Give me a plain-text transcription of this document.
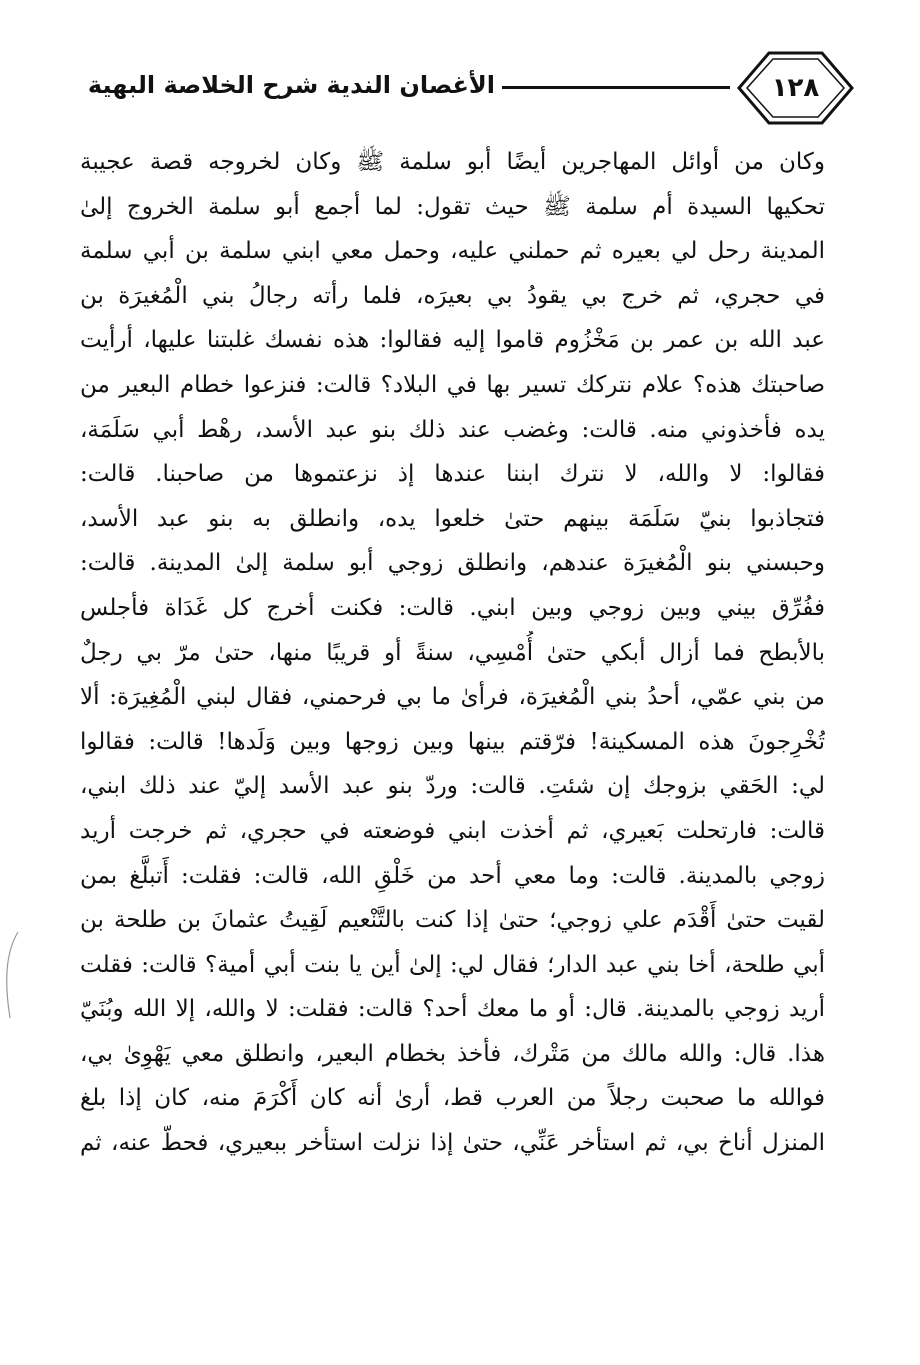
الأغصان الندية شرح الخلاصة البهية	١٢٨
وكان من أوائل المهاجرين أيضًا أبو سلمة ﷺ وكان لخروجه قصة عجيبة
تحكيها السيدة أم سلمة ﷺ حيث تقول: لما أجمع أبو سلمة الخروج إلىٰ
المدينة رحل لي بعيره ثم حملني عليه، وحمل معي ابني سلمة بن أبي سلمة
في حجري، ثم خرج بي يقودُ بي بعيرَه، فلما رأته رجالُ بني الْمُغيرَة بن
عبد الله بن عمر بن مَخْزُوم قاموا إليه فقالوا: هذه نفسك غلبتنا عليها، أرأيت
صاحبتك هذه؟ علام نتركك تسير بها في البلاد؟ قالت: فنزعوا خطام البعير من
يده فأخذوني منه. قالت: وغضب عند ذلك بنو عبد الأسد، رهْط أبي سَلَمَة،
فقالوا: لا والله، لا نترك ابننا عندها إذ نزعتموها من صاحبنا. قالت:
فتجاذبوا بنيّ سَلَمَة بينهم حتىٰ خلعوا يده، وانطلق به بنو عبد الأسد،
وحبسني بنو الْمُغيرَة عندهم، وانطلق زوجي أبو سلمة إلىٰ المدينة. قالت:
ففُرِّق بيني وبين زوجي وبين ابني. قالت: فكنت أخرج كل غَدَاة فأجلس
بالأبطح فما أزال أبكي حتىٰ أُمْسِي، سنةً أو قريبًا منها، حتىٰ مرّ بي رجلٌ
من بني عمّي، أحدُ بني الْمُغيرَة، فرأىٰ ما بي فرحمني، فقال لبني الْمُغِيرَة: ألا
تُخْرِجونَ هذه المسكينة! فرّقتم بينها وبين زوجها وبين وَلَدها! قالت: فقالوا
لي: الحَقي بزوجك إن شئتِ. قالت: وردّ بنو عبد الأسد إليّ عند ذلك ابني،
قالت: فارتحلت بَعيري، ثم أخذت ابني فوضعته في حجري، ثم خرجت أريد
زوجي بالمدينة. قالت: وما معي أحد من خَلْقِ الله، قالت: فقلت: أَتبلَّغ بمن
لقيت حتىٰ أَقْدَم علي زوجي؛ حتىٰ إذا كنت بالتَّنْعيم لَقِيتُ عثمانَ بن طلحة بن
أبي طلحة، أخا بني عبد الدار؛ فقال لي: إلىٰ أين يا بنت أبي أمية؟ قالت: فقلت
أريد زوجي بالمدينة. قال: أو ما معك أحد؟ قالت: فقلت: لا والله، إلا الله وبُنَيّ
هذا. قال: والله مالك من مَتْرك، فأخذ بخطام البعير، وانطلق معي يَهْوِىٰ بي،
فوالله ما صحبت رجلاً من العرب قط، أرىٰ أنه كان أَكْرَمَ منه، كان إذا بلغ
المنزل أناخ بي، ثم استأخر عَنِّي، حتىٰ إذا نزلت استأخر ببعيري، فحطّ عنه، ثم
